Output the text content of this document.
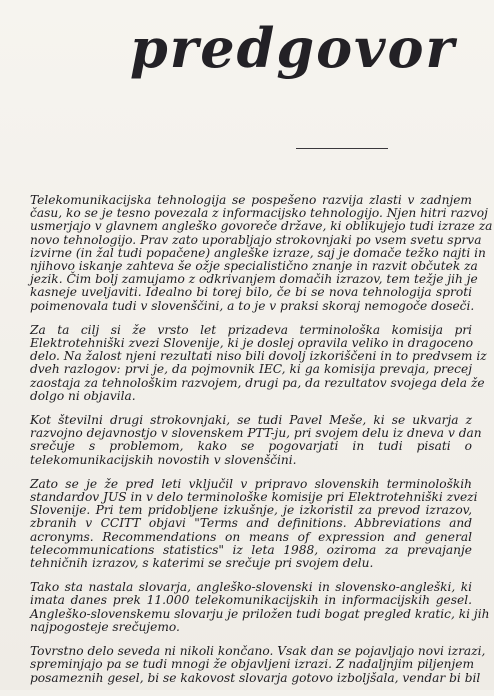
predgovor

Telekomunikacijska tehnologija se pospešeno razvija zlasti v zadnjem
času, ko se je tesno povezala z informacijsko tehnologijo. Njen hitri razvoj
usmerjajo v glavnem angleško govoreče države, ki oblikujejo tudi izraze za
novo tehnologijo. Prav zato uporabljajo strokovnjaki po vsem svetu sprva
izvirne (in žal tudi popačene) angleške izraze, saj je domače težko najti in
njihovo iskanje zahteva še ožje specialistično znanje in razvit občutek za
jezik. Čim bolj zamujamo z odkrivanjem domačih izrazov, tem težje jih je
kasneje uveljaviti. Idealno bi torej bilo, če bi se nova tehnologija sproti
poimenovala tudi v slovenščini, a to je v praksi skoraj nemogoče doseči.

Za ta cilj si že vrsto let prizadeva terminološka komisija pri
Elektrotehniški zvezi Slovenije, ki je doslej opravila veliko in dragoceno
delo. Na žalost njeni rezultati niso bili dovolj izkoriščeni in to predvsem iz
dveh razlogov: prvi je, da pojmovnik IEC, ki ga komisija prevaja, precej
zaostaja za tehnološkim razvojem, drugi pa, da rezultatov svojega dela že
dolgo ni objavila.

Kot številni drugi strokovnjaki, se tudi Pavel Meše, ki se ukvarja z
razvojno dejavnostjo v slovenskem PTT-ju, pri svojem delu iz dneva v dan
srečuje s problemom, kako se pogovarjati in tudi pisati o
telekomunikacijskih novostih v slovenščini.

Zato se je že pred leti vključil v pripravo slovenskih terminoloških
standardov JUS in v delo terminološke komisije pri Elektrotehniški zvezi
Slovenije. Pri tem pridobljene izkušnje, je izkoristil za prevod izrazov,
zbranih v CCITT objavi "Terms and definitions. Abbreviations and
acronyms. Recommendations on means of expression and general
telecommunications statistics" iz leta 1988, oziroma za prevajanje
tehničnih izrazov, s katerimi se srečuje pri svojem delu.

Tako sta nastala slovarja, angleško-slovenski in slovensko-angleški, ki
imata danes prek 11.000 telekomunikacijskih in informacijskih gesel.
Angleško-slovenskemu slovarju je priložen tudi bogat pregled kratic, ki jih
najpogosteje srečujemo.

Tovrstno delo seveda ni nikoli končano. Vsak dan se pojavljajo novi izrazi,
spreminjajo pa se tudi mnogi že objavljeni izrazi. Z nadaljnjim piljenjem
posameznih gesel, bi se kakovost slovarja gotovo izboljšala, vendar bi bil
